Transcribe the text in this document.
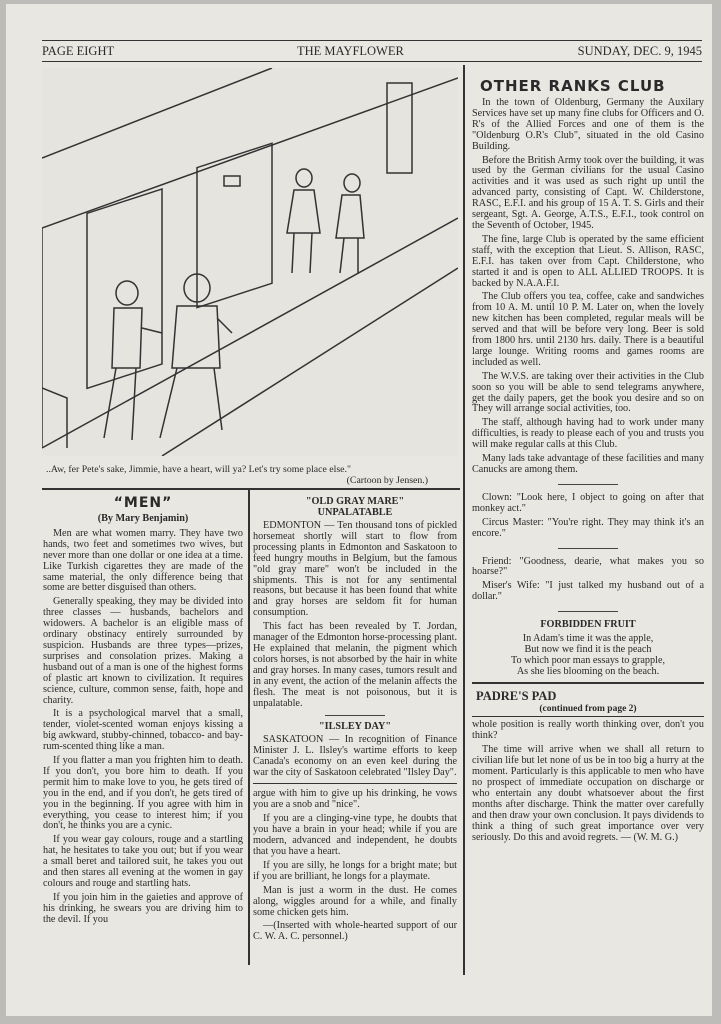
PAGE EIGHT	THE MAYFLOWER	SUNDAY, DEC. 9, 1945
..Aw, fer Pete's sake, Jimmie, have a heart, will ya? Let's try some place else."
(Cartoon by Jensen.)
“MEN”
(By Mary Benjamin)

Men are what women marry. They have two hands, two feet and sometimes two wives, but never more than one dollar or one idea at a time. Like Turkish cigarettes they are made of the same material, the only difference being that some are better disguised than others.

Generally speaking, they may be divided into three classes — husbands, bachelors and widowers. A bachelor is an eligible mass of ordinary obstinacy entirely surrounded by suspicion. Husbands are three types—prizes, surprises and consolation prizes. Making a husband out of a man is one of the highest forms of plastic art known to civilization. It requires science, culture, common sense, faith, hope and charity.

It is a psychological marvel that a small, tender, violet-scented woman enjoys kissing a big awkward, stubby-chinned, tobacco- and bay-rum-scented thing like a man.

If you flatter a man you frighten him to death. If you don't, you bore him to death. If you permit him to make love to you, he gets tired of you in the end, and if you don't, he gets tired of you in the beginning. If you agree with him in everything, you cease to interest him; if you don't, he thinks you are a cynic.

If you wear gay colours, rouge and a startling hat, he hesitates to take you out; but if you wear a small beret and tailored suit, he takes you out and then stares all evening at the women in gay colours and rouge and startling hats.

If you join him in the gaieties and approve of his drinking, he swears you are driving him to the devil. If you

"OLD GRAY MARE"
UNPALATABLE

EDMONTON — Ten thousand tons of pickled horsemeat shortly will start to flow from processing plants in Edmonton and Saskatoon to feed hungry mouths in Belgium, but the famous "old gray mare" won't be included in the shipments. This is not for any sentimental reasons, but because it has been found that white and gray horses are seldom fit for human consumption.

This fact has been revealed by T. Jordan, manager of the Edmonton horse-processing plant. He explained that melanin, the pigment which colors horses, is not absorbed by the hair in white and gray horses. In many cases, tumors result and in any event, the action of the melanin affects the flesh. The meat is not poisonous, but it is unpalatable.

"ILSLEY DAY"

SASKATOON — In recognition of Finance Minister J. L. Ilsley's wartime efforts to keep Canada's economy on an even keel during the war the city of Saskatoon celebrated "Ilsley Day".

argue with him to give up his drinking, he vows you are a snob and "nice".

If you are a clinging-vine type, he doubts that you have a brain in your head; while if you are modern, advanced and independent, he doubts that you have a heart.

If you are silly, he longs for a bright mate; but if you are brilliant, he longs for a playmate.

Man is just a worm in the dust. He comes along, wiggles around for a while, and finally some chicken gets him.

—(Inserted with whole-hearted support of our C. W. A. C. personnel.)

OTHER RANKS CLUB

In the town of Oldenburg, Germany the Auxilary Services have set up many fine clubs for Officers and O. R's of the Allied Forces and one of them is the "Oldenburg O.R's Club", situated in the old Casino Building.

Before the British Army took over the building, it was used by the German civilians for the usual Casino activities and it was used as such right up until the advanced party, consisting of Capt. W. Childerstone, RASC, E.F.I. and his group of 15 A. T. S. Girls and their sergeant, Sgt. A. George, A.T.S., E.F.I., took control on the Seventh of October, 1945.

The fine, large Club is operated by the same efficient staff, with the exception that Lieut. S. Allison, RASC, E.F.I. has taken over from Capt. Childerstone, who started it and is open to ALL ALLIED TROOPS. It is backed by N.A.A.F.I.

The Club offers you tea, coffee, cake and sandwiches from 10 A. M. until 10 P. M. Later on, when the lovely new kitchen has been completed, regular meals will be served and that will be before very long. Beer is sold from 1800 hrs. until 2130 hrs. daily. There is a beautiful large lounge. Writing rooms and games rooms are included as well.

The W.V.S. are taking over their activities in the Club soon so you will be able to send telegrams anywhere, get the daily papers, get the book you desire and so on They will arrange social activities, too.

The staff, although having had to work under many difficulties, is ready to please each of you and trusts you will make regular calls at this Club.

Many lads take advantage of these facilities and many Canucks are among them.

Clown: "Look here, I object to going on after that monkey act."

Circus Master: "You're right. They may think it's an encore."

Friend: "Goodness, dearie, what makes you so hoarse?"

Miser's Wife: "I just talked my husband out of a dollar."

FORBIDDEN FRUIT
In Adam's time it was the apple,
But now we find it is the peach
To which poor man essays to grapple,
As she lies blooming on the beach.
PADRE'S PAD
(continued from page 2)

whole position is really worth thinking over, don't you think?

The time will arrive when we shall all return to civilian life but let none of us be in too big a hurry at the moment. Particularly is this applicable to men who have no prospect of immediate occupation on discharge or who entertain any doubt whatsoever about the first months after discharge. Think the matter over carefully and then draw your own conclusion. It pays dividends to think a thing of such great importance over very seriously. Do this and avoid regrets. — (W. M. G.)
